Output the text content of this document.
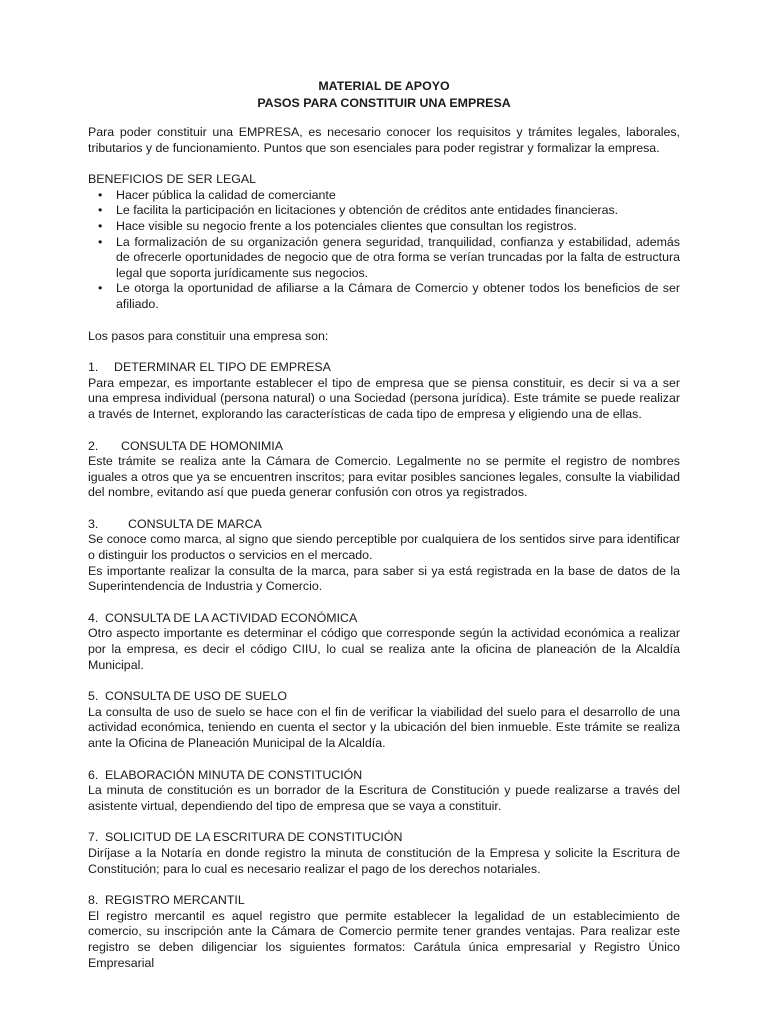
MATERIAL DE APOYO

PASOS PARA CONSTITUIR UNA EMPRESA

Para poder constituir una EMPRESA, es necesario conocer los requisitos y trámites legales, laborales, tributarios y de funcionamiento. Puntos que son esenciales para poder registrar y formalizar la empresa.

BENEFICIOS DE SER LEGAL

• Hacer pública la calidad de comerciante
• Le facilita la participación en licitaciones y obtención de créditos ante entidades financieras.
• Hace visible su negocio frente a los potenciales clientes que consultan los registros.
• La formalización de su organización genera seguridad, tranquilidad, confianza y estabilidad, además de ofrecerle oportunidades de negocio que de otra forma se verían truncadas por la falta de estructura legal que soporta jurídicamente sus negocios.
• Le otorga la oportunidad de afiliarse a la Cámara de Comercio y obtener todos los beneficios de ser afiliado.

Los pasos para constituir una empresa son:

1. DETERMINAR EL TIPO DE EMPRESA

Para empezar, es importante establecer el tipo de empresa que se piensa constituir, es decir si va a ser una empresa individual (persona natural) o una Sociedad (persona jurídica). Este trámite se puede realizar a través de Internet, explorando las características de cada tipo de empresa y eligiendo una de ellas.

2. CONSULTA DE HOMONIMIA

Este trámite se realiza ante la Cámara de Comercio. Legalmente no se permite el registro de nombres iguales a otros que ya se encuentren inscritos; para evitar posibles sanciones legales, consulte la viabilidad del nombre, evitando así que pueda generar confusión con otros ya registrados.

3. CONSULTA DE MARCA

Se conoce como marca, al signo que siendo perceptible por cualquiera de los sentidos sirve para identificar o distinguir los productos o servicios en el mercado.

Es importante realizar la consulta de la marca, para saber si ya está registrada en la base de datos de la Superintendencia de Industria y Comercio.

4. CONSULTA DE LA ACTIVIDAD ECONÓMICA

Otro aspecto importante es determinar el código que corresponde según la actividad económica a realizar por la empresa, es decir el código CIIU, lo cual se realiza ante la oficina de planeación de la Alcaldía Municipal.

5. CONSULTA DE USO DE SUELO

La consulta de uso de suelo se hace con el fin de verificar la viabilidad del suelo para el desarrollo de una actividad económica, teniendo en cuenta el sector y la ubicación del bien inmueble. Este trámite se realiza ante la Oficina de Planeación Municipal de la Alcaldía.

6. ELABORACIÓN MINUTA DE CONSTITUCIÓN

La minuta de constitución es un borrador de la Escritura de Constitución y puede realizarse a través del asistente virtual, dependiendo del tipo de empresa que se vaya a constituir.

7. SOLICITUD DE LA ESCRITURA DE CONSTITUCIÓN

Diríjase a la Notaría en donde registro la minuta de constitución de la Empresa y solicite la Escritura de Constitución; para lo cual es necesario realizar el pago de los derechos notariales.

8. REGISTRO MERCANTIL

El registro mercantil es aquel registro que permite establecer la legalidad de un establecimiento de comercio, su inscripción ante la Cámara de Comercio permite tener grandes ventajas. Para realizar este registro se deben diligenciar los siguientes formatos: Carátula única empresarial y Registro Único Empresarial
